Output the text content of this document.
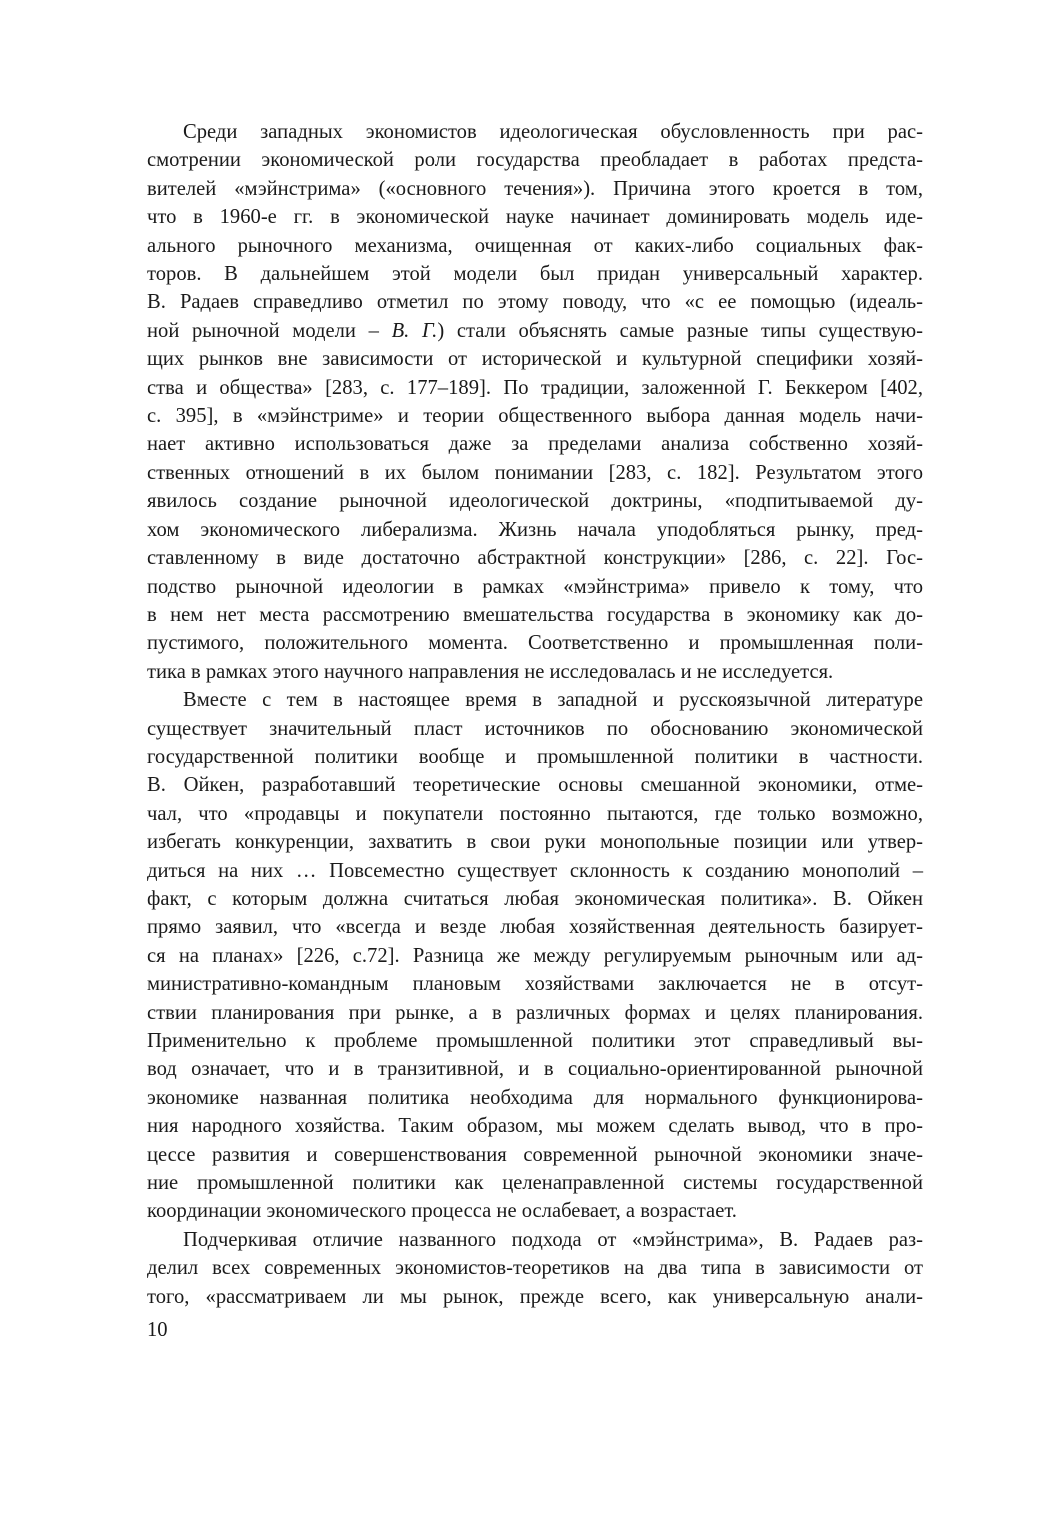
Среди западных экономистов идеологическая обусловленность при рас-
смотрении экономической роли государства преобладает в работах предста-
вителей «мэйнстрима» («основного течения»). Причина этого кроется в том,
что в 1960-е гг. в экономической науке начинает доминировать модель иде-
ального рыночного механизма, очищенная от каких-либо социальных фак-
торов. В дальнейшем этой модели был придан универсальный характер.
В. Радаев справедливо отметил по этому поводу, что «с ее помощью (идеаль-
ной рыночной модели – В. Г.) стали объяснять самые разные типы существую-
щих рынков вне зависимости от исторической и культурной специфики хозяй-
ства и общества» [283, с. 177–189]. По традиции, заложенной Г. Беккером [402,
с. 395], в «мэйнстриме» и теории общественного выбора данная модель начи-
нает активно использоваться даже за пределами анализа собственно хозяй-
ственных отношений в их былом понимании [283, с. 182]. Результатом этого
явилось создание рыночной идеологической доктрины, «подпитываемой ду-
хом экономического либерализма. Жизнь начала уподобляться рынку, пред-
ставленному в виде достаточно абстрактной конструкции» [286, с. 22]. Гос-
подство рыночной идеологии в рамках «мэйнстрима» привело к тому, что
в нем нет места рассмотрению вмешательства государства в экономику как до-
пустимого, положительного момента. Соответственно и промышленная поли-
тика в рамках этого научного направления не исследовалась и не исследуется.
Вместе с тем в настоящее время в западной и русскоязычной литературе
существует значительный пласт источников по обоснованию экономической
государственной политики вообще и промышленной политики в частности.
В. Ойкен, разработавший теоретические основы смешанной экономики, отме-
чал, что «продавцы и покупатели постоянно пытаются, где только возможно,
избегать конкуренции, захватить в свои руки монопольные позиции или утвер-
диться на них … Повсеместно существует склонность к созданию монополий –
факт, с которым должна считаться любая экономическая политика». В. Ойкен
прямо заявил, что «всегда и везде любая хозяйственная деятельность базирует-
ся на планах» [226, с.72]. Разница же между регулируемым рыночным или ад-
министративно-командным плановым хозяйствами заключается не в отсут-
ствии планирования при рынке, а в различных формах и целях планирования.
Применительно к проблеме промышленной политики этот справедливый вы-
вод означает, что и в транзитивной, и в социально-ориентированной рыночной
экономике названная политика необходима для нормального функционирова-
ния народного хозяйства. Таким образом, мы можем сделать вывод, что в про-
цессе развития и совершенствования современной рыночной экономики значе-
ние промышленной политики как целенаправленной системы государственной
координации экономического процесса не ослабевает, а возрастает.
Подчеркивая отличие названного подхода от «мэйнстрима», В. Радаев раз-
делил всех современных экономистов-теоретиков на два типа в зависимости от
того, «рассматриваем ли мы рынок, прежде всего, как универсальную анали-
10
